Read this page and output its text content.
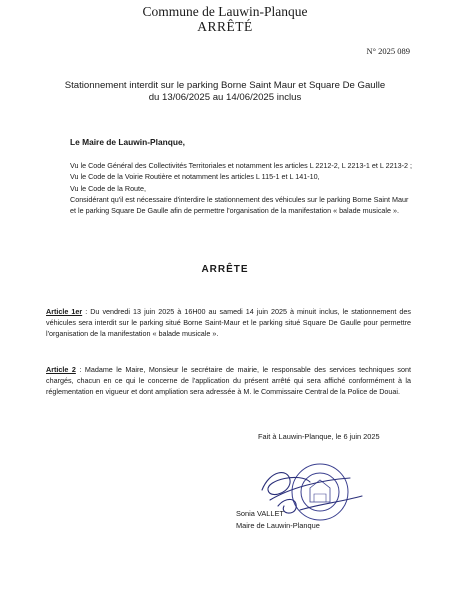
Commune de Lauwin-Planque
ARRÊTÉ
N° 2025 089
Stationnement interdit sur le parking Borne Saint Maur et Square De Gaulle
du 13/06/2025 au 14/06/2025 inclus
Le Maire de Lauwin-Planque,

Vu le Code Général des Collectivités Territoriales et notamment les articles L 2212-2, L 2213-1 et L 2213-2 ;

Vu le Code de la Voirie Routière et notamment les articles L 115-1 et L 141-10,

Vu le Code de la Route,

Considérant qu'il est nécessaire d'interdire le stationnement des véhicules sur le parking Borne Saint Maur et le parking Square De Gaulle afin de permettre l'organisation de la manifestation « balade musicale ».

ARRÊTE
Article 1er : Du vendredi 13 juin 2025 à 16H00 au samedi 14 juin 2025 à minuit inclus, le stationnement des véhicules sera interdit sur le parking situé Borne Saint-Maur et le parking situé Square De Gaulle pour permettre l'organisation de la manifestation « balade musicale ».
Article 2 : Madame le Maire, Monsieur le secrétaire de mairie, le responsable des services techniques sont chargés, chacun en ce qui le concerne de l'application du présent arrêté qui sera affiché conformément à la réglementation en vigueur et dont ampliation sera adressée à M. le Commissaire Central de la Police de Douai.
Fait à Lauwin-Planque, le 6 juin 2025

Sonia VALLET

Maire de Lauwin-Planque
